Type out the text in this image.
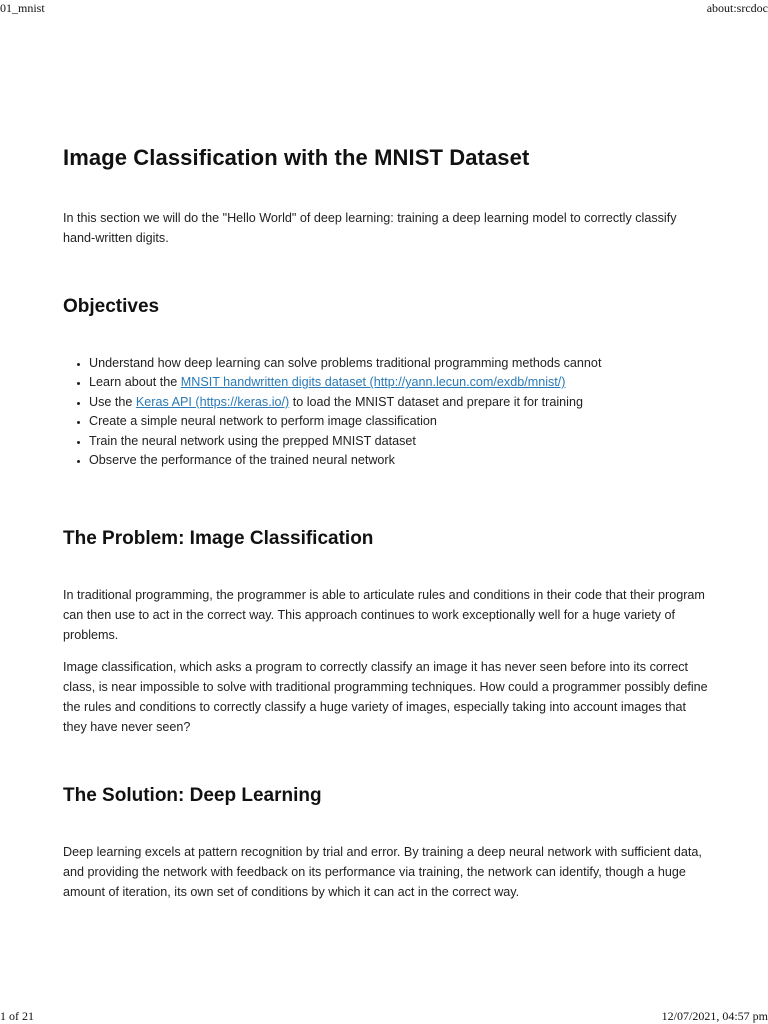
01_mnist	about:srcdoc
Image Classification with the MNIST Dataset

In this section we will do the "Hello World" of deep learning: training a deep learning model to correctly classify hand-written digits.

Objectives
• Understand how deep learning can solve problems traditional programming methods cannot
• Learn about the MNSIT handwritten digits dataset (http://yann.lecun.com/exdb/mnist/)
• Use the Keras API (https://keras.io/) to load the MNIST dataset and prepare it for training
• Create a simple neural network to perform image classification
• Train the neural network using the prepped MNIST dataset
• Observe the performance of the trained neural network
The Problem: Image Classification

In traditional programming, the programmer is able to articulate rules and conditions in their code that their program can then use to act in the correct way. This approach continues to work exceptionally well for a huge variety of problems.

Image classification, which asks a program to correctly classify an image it has never seen before into its correct class, is near impossible to solve with traditional programming techniques. How could a programmer possibly define the rules and conditions to correctly classify a huge variety of images, especially taking into account images that they have never seen?

The Solution: Deep Learning

Deep learning excels at pattern recognition by trial and error. By training a deep neural network with sufficient data, and providing the network with feedback on its performance via training, the network can identify, though a huge amount of iteration, its own set of conditions by which it can act in the correct way.

1 of 21	12/07/2021, 04:57 pm
